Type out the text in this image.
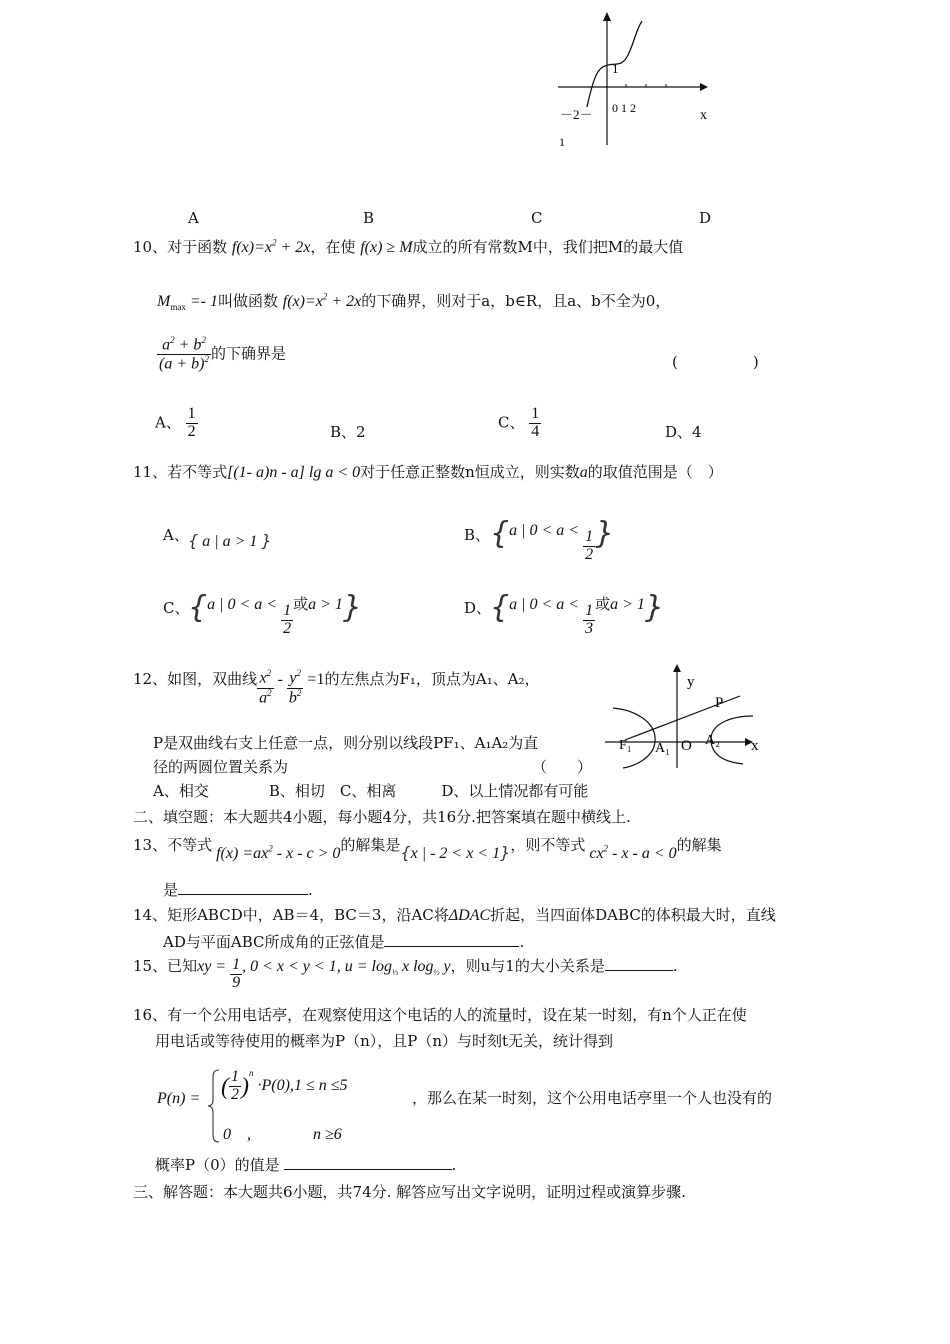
1
－2－ 0 1 2	x
1
A	B	C	D
10、对于函数 $f(x)=x^2 + 2x$，在使 f(x) ≥ M成立的所有常数M中，我们把M的最大值
$M_{max} =- 1$叫做函数 $f(x)=x^2 + 2x$的下确界，则对于a，b∈R，且a、b不全为0，
$\frac{a^2 + b^2}{(a + b)^2}$ 的下确界是	(　　　　　)
A、 $\frac{1}{2}$	B、2
C、 $\frac{1}{4}$	D、4
11、若不等式[(1- a)n - a] lg a < 0对于任意正整数n恒成立，则实数a的取值范围是（　）
A、 { a | a > 1 }	B、 {a | $0 < a < \frac{1}{2}$ }
C、
{a | $0 < a < \frac{1}{2}$ 或a > 1}	D、
{a | $0 < a < \frac{1}{3}$ 或a > 1}
12、如图，双曲线 $\frac{x^2}{a^2} - \frac{y^2}{b^2} =1$的左焦点为F₁，顶点为A₁、A₂，
P是双曲线右支上任意一点，则分别以线段PF₁、A₁A₂为直
径的两圆位置关系为	（　　）
A、相交　　　　B、相切　C、相离　　　D、以上情况都有可能
y
P
F₁ A₁ O A₂ x
二、填空题：本大题共4小题，每小题4分，共16分.把答案填在题中横线上.
13、不等式 $f(x) =ax^2 - x - c > 0$的解集是{x | - 2 < x < 1}，则不等式 $cx^2 - x - a < 0$的解集
是	.
14、矩形ABCD中，AB＝4，BC＝3，沿AC将ΔDAC折起，当四面体DABC的体积最大时，直线
AD与平面ABC所成角的正弦值是	.
15、已知xy = $\frac{1}{9}$ , 0 < x < y < 1, $u = \log_{\frac{1}{3}} x$ $\log_{\frac{1}{3}} y$，则u与1的大小关系是	.
16、有一个公用电话亭，在观察使用这个电话的人的流量时，设在某一时刻，有n个人正在使
用电话或等待使用的概率为P（n），且P（n）与时刻t无关，统计得到
P(n) = ( $\frac{1}{2} )^n \cdot P(0),1 \le n \le 5$
0　,	n ≥6
，那么在某一时刻，这个公用电话亭里一个人也没有的
概率P（0）的值是	.
三、解答题：本大题共6小题，共74分. 解答应写出文字说明，证明过程或演算步骤.
